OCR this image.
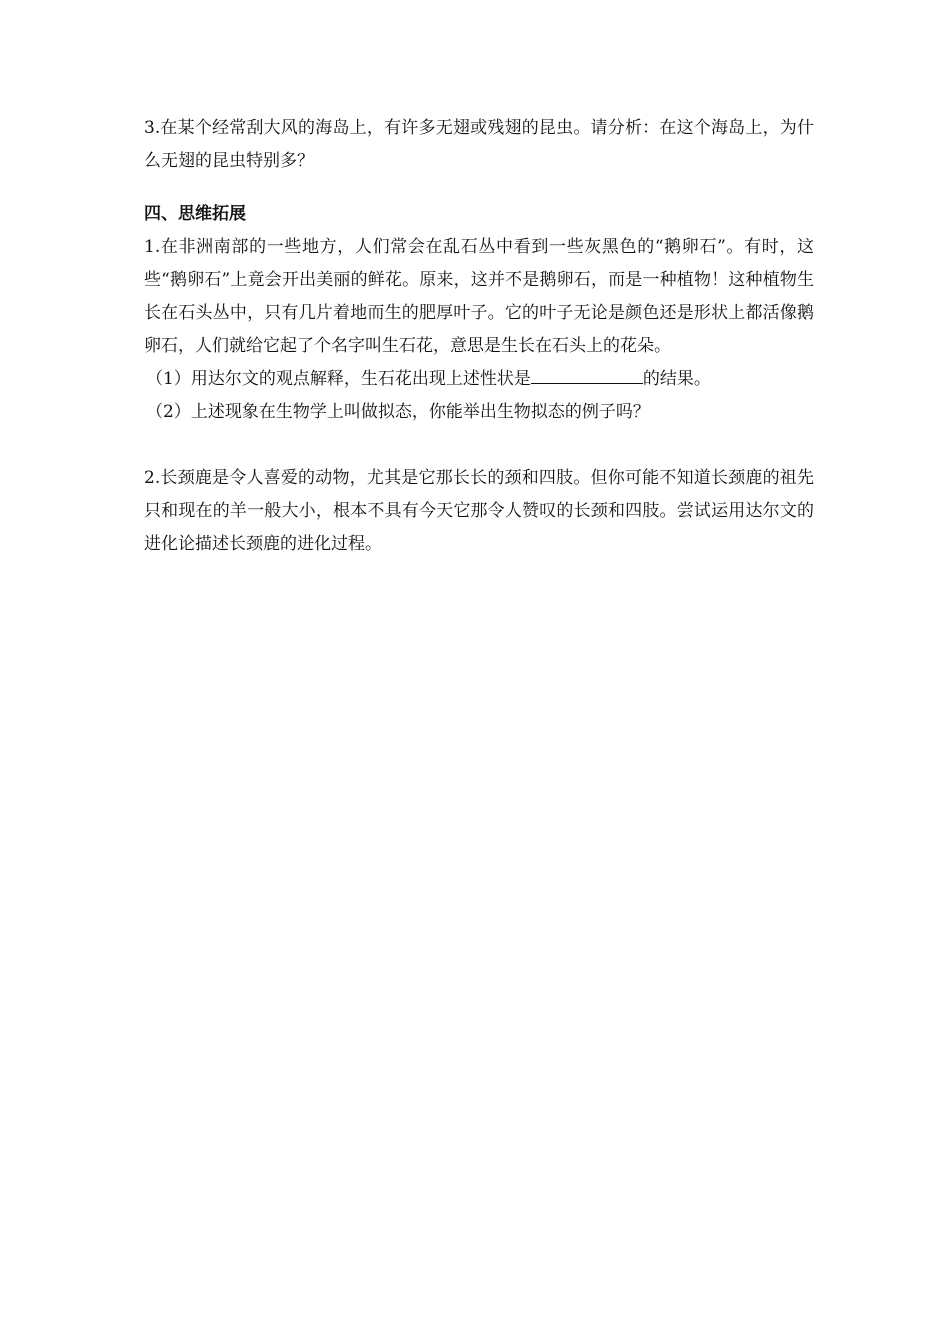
3.在某个经常刮大风的海岛上，有许多无翅或残翅的昆虫。请分析：在这个海岛上，为什么无翅的昆虫特别多？

四、思维拓展

1.在非洲南部的一些地方，人们常会在乱石丛中看到一些灰黑色的“鹅卵石”。有时，这些“鹅卵石”上竟会开出美丽的鲜花。原来，这并不是鹅卵石，而是一种植物！这种植物生长在石头丛中，只有几片着地而生的肥厚叶子。它的叶子无论是颜色还是形状上都活像鹅卵石，人们就给它起了个名字叫生石花，意思是生长在石头上的花朵。

（1）用达尔文的观点解释，生石花出现上述性状是	的结果。

（2）上述现象在生物学上叫做拟态，你能举出生物拟态的例子吗？

2.长颈鹿是令人喜爱的动物，尤其是它那长长的颈和四肢。但你可能不知道长颈鹿的祖先只和现在的羊一般大小，根本不具有今天它那令人赞叹的长颈和四肢。尝试运用达尔文的进化论描述长颈鹿的进化过程。
